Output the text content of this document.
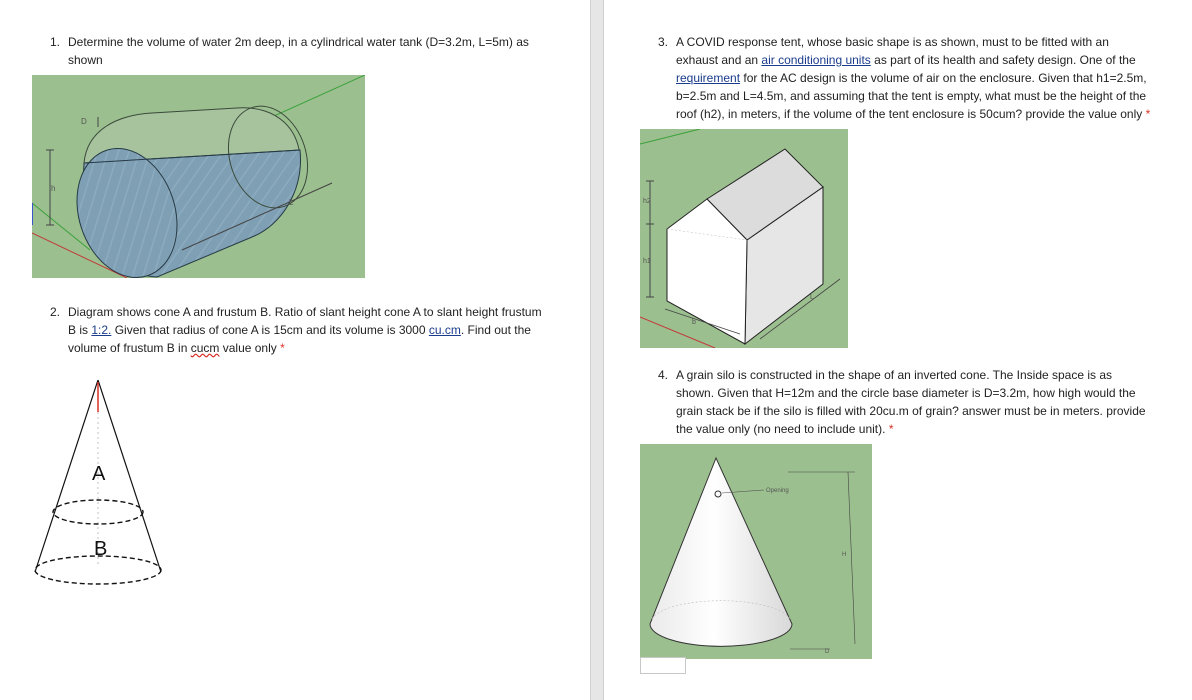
1. Determine the volume of water 2m deep, in a cylindrical water tank (D=3.2m, L=5m) as
shown
D
h
L
2. Diagram shows cone A and frustum B. Ratio of slant height cone A to slant height frustum
B is 1:2. Given that radius of cone A is 15cm and its volume is 3000 cu.cm. Find out the
volume of frustum B in cucm value only *
A
B
3. A COVID response tent, whose basic shape is as shown, must to be fitted with an
exhaust and an air conditioning units as part of its health and safety design. One of the
requirement for the AC design is the volume of air on the enclosure. Given that h1=2.5m,
b=2.5m and L=4.5m, and assuming that the tent is empty, what must be the height of the
roof (h2), in meters, if the volume of the tent enclosure is 50cum? provide the value only *
h2
h1
b
L
4. A grain silo is constructed in the shape of an inverted cone. The Inside space is as
shown. Given that H=12m and the circle base diameter is D=3.2m, how high would the
grain stack be if the silo is filled with 20cu.m of grain? answer must be in meters. provide
the value only (no need to include unit). *
Opening
H
D
